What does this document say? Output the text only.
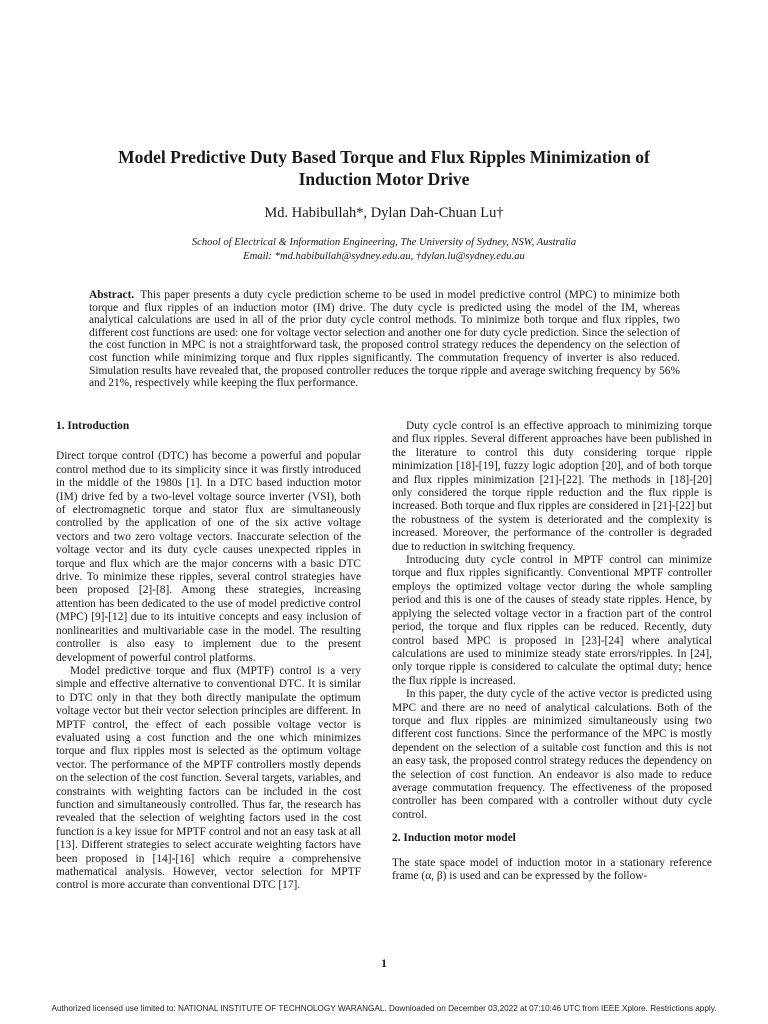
Model Predictive Duty Based Torque and Flux Ripples Minimization of
Induction Motor Drive
Md. Habibullah*, Dylan Dah-Chuan Lu†
School of Electrical & Information Engineering, The University of Sydney, NSW, Australia
Email: *md.habibullah@sydney.edu.au, †dylan.lu@sydney.edu.au
Abstract. This paper presents a duty cycle prediction scheme to be used in model predictive control (MPC) to minimize both torque and flux ripples of an induction motor (IM) drive. The duty cycle is predicted using the model of the IM, whereas analytical calculations are used in all of the prior duty cycle control methods. To minimize both torque and flux ripples, two different cost functions are used: one for voltage vector selection and another one for duty cycle prediction. Since the selection of the cost function in MPC is not a straightforward task, the proposed control strategy reduces the dependency on the selection of cost function while minimizing torque and flux ripples significantly. The commutation frequency of inverter is also reduced. Simulation results have revealed that, the proposed controller reduces the torque ripple and average switching frequency by 56% and 21%, respectively while keeping the flux performance.
1. Introduction

Direct torque control (DTC) has become a powerful and popular control method due to its simplicity since it was firstly introduced in the middle of the 1980s [1]. In a DTC based induction motor (IM) drive fed by a two-level voltage source inverter (VSI), both of electromagnetic torque and stator flux are simultaneously controlled by the application of one of the six active voltage vectors and two zero voltage vectors. Inaccurate selection of the voltage vector and its duty cycle causes unexpected ripples in torque and flux which are the major concerns with a basic DTC drive. To minimize these ripples, several control strategies have been proposed [2]-[8]. Among these strategies, increasing attention has been dedicated to the use of model predictive control (MPC) [9]-[12] due to its intuitive concepts and easy inclusion of nonlinearities and multivariable case in the model. The resulting controller is also easy to implement due to the present development of powerful control platforms.

Model predictive torque and flux (MPTF) control is a very simple and effective alternative to conventional DTC. It is similar to DTC only in that they both directly manipulate the optimum voltage vector but their vector selection principles are different. In MPTF control, the effect of each possible voltage vector is evaluated using a cost function and the one which minimizes torque and flux ripples most is selected as the optimum voltage vector. The performance of the MPTF controllers mostly depends on the selection of the cost function. Several targets, variables, and constraints with weighting factors can be included in the cost function and simultaneously controlled. Thus far, the research has revealed that the selection of weighting factors used in the cost function is a key issue for MPTF control and not an easy task at all [13]. Different strategies to select accurate weighting factors have been proposed in [14]-[16] which require a comprehensive mathematical analysis. However, vector selection for MPTF control is more accurate than conventional DTC [17].

Duty cycle control is an effective approach to minimizing torque and flux ripples. Several different approaches have been published in the literature to control this duty considering torque ripple minimization [18]-[19], fuzzy logic adoption [20], and of both torque and flux ripples minimization [21]-[22]. The methods in [18]-[20] only considered the torque ripple reduction and the flux ripple is increased. Both torque and flux ripples are considered in [21]-[22] but the robustness of the system is deteriorated and the complexity is increased. Moreover, the performance of the controller is degraded due to reduction in switching frequency.

Introducing duty cycle control in MPTF control can minimize torque and flux ripples significantly. Conventional MPTF controller employs the optimized voltage vector during the whole sampling period and this is one of the causes of steady state ripples. Hence, by applying the selected voltage vector in a fraction part of the control period, the torque and flux ripples can be reduced. Recently, duty control based MPC is proposed in [23]-[24] where analytical calculations are used to minimize steady state errors/ripples. In [24], only torque ripple is considered to calculate the optimal duty; hence the flux ripple is increased.

In this paper, the duty cycle of the active vector is predicted using MPC and there are no need of analytical calculations. Both of the torque and flux ripples are minimized simultaneously using two different cost functions. Since the performance of the MPC is mostly dependent on the selection of a suitable cost function and this is not an easy task, the proposed control strategy reduces the dependency on the selection of cost function. An endeavor is also made to reduce average commutation frequency. The effectiveness of the proposed controller has been compared with a controller without duty cycle control.

2. Induction motor model

The state space model of induction motor in a stationary reference frame (α, β) is used and can be expressed by the follow-

1
Authorized licensed use limited to: NATIONAL INSTITUTE OF TECHNOLOGY WARANGAL. Downloaded on December 03,2022 at 07:10:46 UTC from IEEE Xplore. Restrictions apply.
